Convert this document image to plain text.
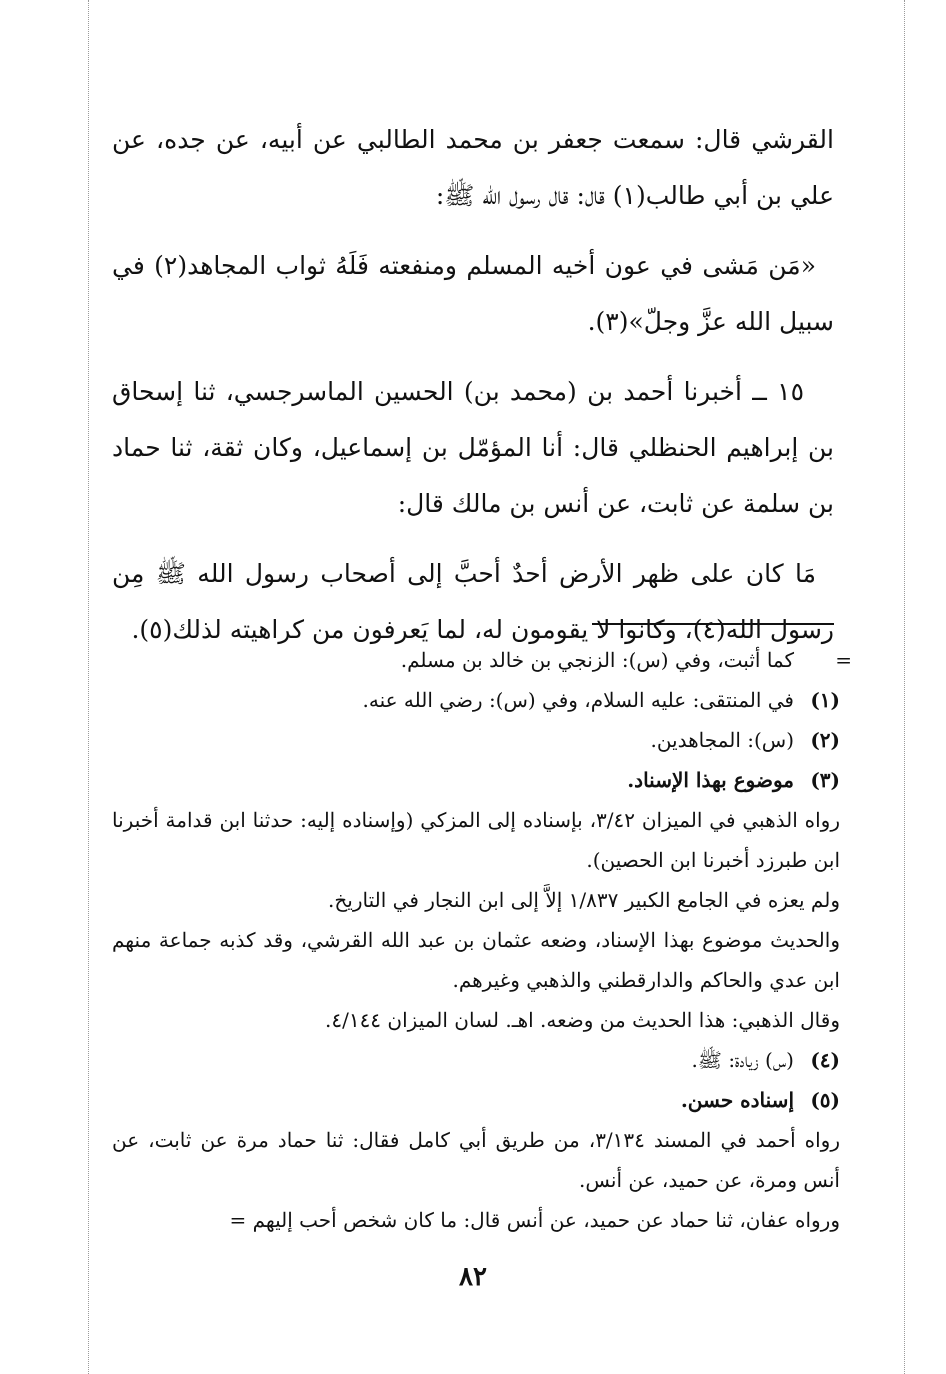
القرشي قال: سمعت جعفر بن محمد الطالبي عن أبيه، عن جده، عن علي بن أبي طالب(١) قال: قال رسول الله ﷺ:

«مَن مَشى في عون أخيه المسلم ومنفعته فَلَهُ ثواب المجاهد(٢) في سبيل الله عزَّ وجلّ»(٣).

١٥ ــ أخبرنا أحمد بن (محمد بن) الحسين الماسرجسي، ثنا إسحاق بن إبراهيم الحنظلي قال: أنا المؤمّل بن إسماعيل، وكان ثقة، ثنا حماد بن سلمة عن ثابت، عن أنس بن مالك قال:

مَا كان على ظهر الأرض أحدٌ أحبَّ إلى أصحاب رسول الله ﷺ مِن رسول الله(٤)، وكانوا لا يقومون له، لما يَعرفون من كراهيته لذلك(٥).

=
كما أثبت، وفي (س): الزنجي بن خالد بن مسلم.
(١)
في المنتقى: عليه السلام، وفي (س): رضي الله عنه.
(٢)
(س): المجاهدين.
(٣)
موضوع بهذا الإسناد.
رواه الذهبي في الميزان ٣/٤٢، بإسناده إلى المزكي (وإسناده إليه: حدثنا ابن قدامة أخبرنا ابن طبرزد أخبرنا ابن الحصين).
ولم يعزه في الجامع الكبير ١/٨٣٧ إلاَّ إلى ابن النجار في التاريخ.
والحديث موضوع بهذا الإسناد، وضعه عثمان بن عبد الله القرشي، وقد كذبه جماعة منهم ابن عدي والحاكم والدارقطني والذهبي وغيرهم.
وقال الذهبي: هذا الحديث من وضعه. اهـ. لسان الميزان ٤/١٤٤.
(٤)
(س) زيادة: ﷺ.
(٥)
إسناده حسن.
رواه أحمد في المسند ٣/١٣٤، من طريق أبي كامل فقال: ثنا حماد مرة عن ثابت، عن أنس ومرة، عن حميد، عن أنس.
ورواه عفان، ثنا حماد عن حميد، عن أنس قال: ما كان شخص أحب إليهم =
٨٢
